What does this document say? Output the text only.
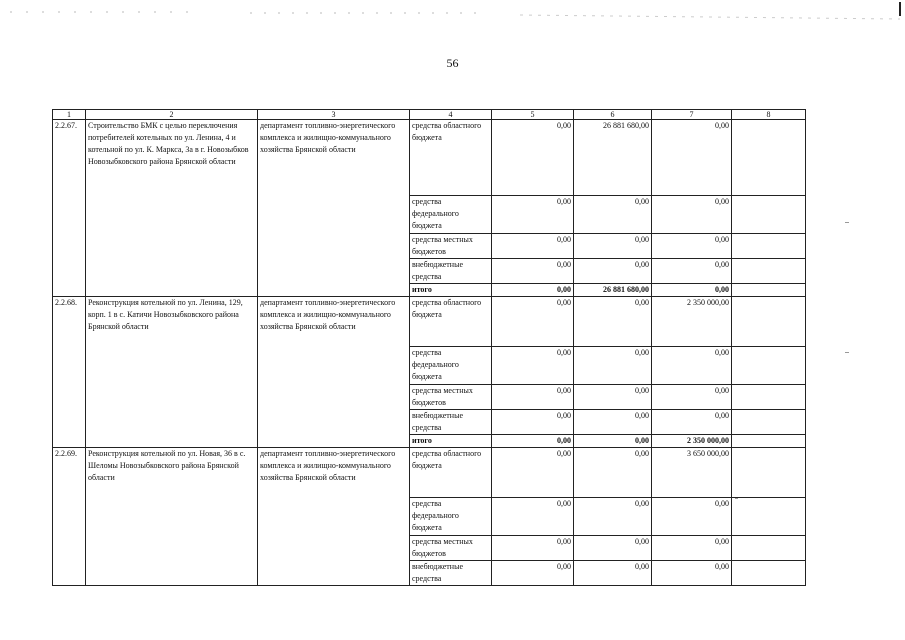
56
1	2	3	4	5	6	7	8
2.2.67.	Строительство БМК с целью переключения потребителей котельных по ул. Ленина, 4 и котельной по ул. К. Маркса, 3а в г. Новозыбков Новозыбковского района Брянской области	департамент топливно-энергетического комплекса и жилищно-коммунального хозяйства Брянской области	средства областного бюджета	0,00	26 881 680,00	0,00	
			средства федерального бюджета	0,00	0,00	0,00	
			средства местных бюджетов	0,00	0,00	0,00	
			внебюджетные средства	0,00	0,00	0,00	
			итого	0,00	26 881 680,00	0,00	
2.2.68.	Реконструкция котельной по ул. Ленина, 129, корп. 1 в с. Катичи Новозыбковского района Брянской области	департамент топливно-энергетического комплекса и жилищно-коммунального хозяйства Брянской области	средства областного бюджета	0,00	0,00	2 350 000,00	
			средства федерального бюджета	0,00	0,00	0,00	
			средства местных бюджетов	0,00	0,00	0,00	
			внебюджетные средства	0,00	0,00	0,00	
			итого	0,00	0,00	2 350 000,00	
2.2.69.	Реконструкция котельной по ул. Новая, 36 в с. Шеломы Новозыбковского района Брянской области	департамент топливно-энергетического комплекса и жилищно-коммунального хозяйства Брянской области	средства областного бюджета	0,00	0,00	3 650 000,00	
			средства федерального бюджета	0,00	0,00	0,00	
			средства местных бюджетов	0,00	0,00	0,00	
			внебюджетные средства	0,00	0,00	0,00	
